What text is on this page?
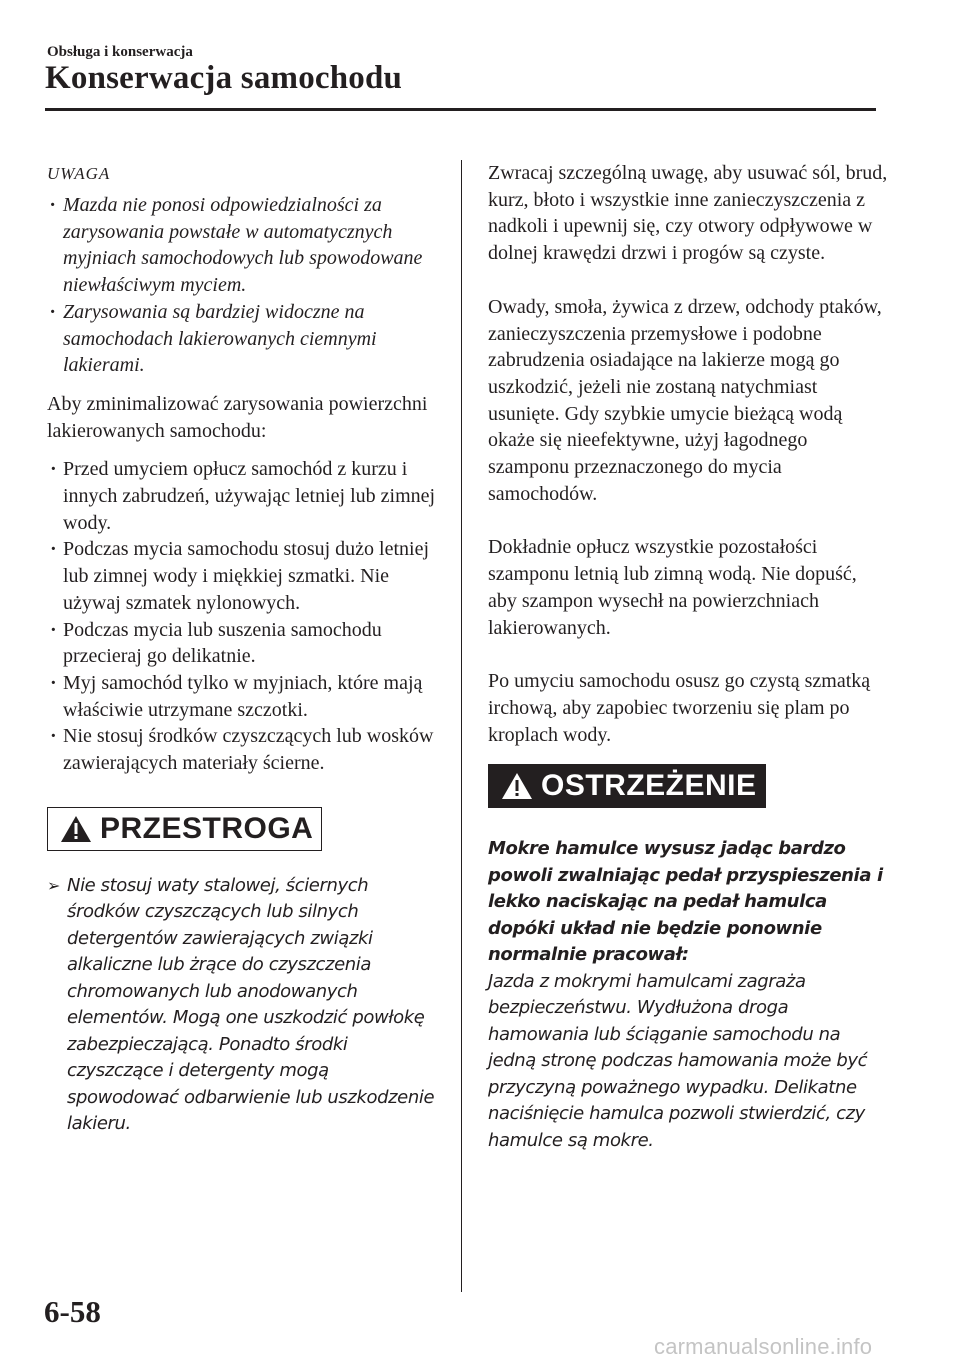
Obsługa i konserwacja
Konserwacja samochodu
UWAGA
· Mazda nie ponosi odpowiedzialności za zarysowania powstałe w automatycznych myjniach samochodowych lub spowodowane niewłaściwym myciem.
· Zarysowania są bardziej widoczne na samochodach lakierowanych ciemnymi lakierami.

Aby zminimalizować zarysowania powierzchni lakierowanych samochodu:

· Przed umyciem opłucz samochód z kurzu i innych zabrudzeń, używając letniej lub zimnej wody.
· Podczas mycia samochodu stosuj dużo letniej lub zimnej wody i miękkiej szmatki. Nie używaj szmatek nylonowych.
· Podczas mycia lub suszenia samochodu przecieraj go delikatnie.
· Myj samochód tylko w myjniach, które mają właściwie utrzymane szczotki.
· Nie stosuj środków czyszczących lub wosków zawierających materiały ścierne.
PRZESTROGA

➢ Nie stosuj waty stalowej, ściernych środków czyszczących lub silnych detergentów zawierających związki alkaliczne lub żrące do czyszczenia chromowanych lub anodowanych elementów. Mogą one uszkodzić powłokę zabezpieczającą. Ponadto środki czyszczące i detergenty mogą spowodować odbarwienie lub uszkodzenie lakieru.

Zwracaj szczególną uwagę, aby usuwać sól, brud, kurz, błoto i wszystkie inne zanieczyszczenia z nadkoli i upewnij się, czy otwory odpływowe w dolnej krawędzi drzwi i progów są czyste.

Owady, smoła, żywica z drzew, odchody ptaków, zanieczyszczenia przemysłowe i podobne zabrudzenia osiadające na lakierze mogą go uszkodzić, jeżeli nie zostaną natychmiast usunięte. Gdy szybkie umycie bieżącą wodą okaże się nieefektywne, użyj łagodnego szamponu przeznaczonego do mycia samochodów.

Dokładnie opłucz wszystkie pozostałości szamponu letnią lub zimną wodą. Nie dopuść, aby szampon wysechł na powierzchniach lakierowanych.

Po umyciu samochodu osusz go czystą szmatką irchową, aby zapobiec tworzeniu się plam po kroplach wody.

OSTRZEŻENIE

Mokre hamulce wysusz jadąc bardzo powoli zwalniając pedał przyspieszenia i lekko naciskając na pedał hamulca dopóki układ nie będzie ponownie normalnie pracował:

Jazda z mokrymi hamulcami zagraża bezpieczeństwu. Wydłużona droga hamowania lub ściąganie samochodu na jedną stronę podczas hamowania może być przyczyną poważnego wypadku. Delikatne naciśnięcie hamulca pozwoli stwierdzić, czy hamulce są mokre.

6-58
carmanualsonline.info
